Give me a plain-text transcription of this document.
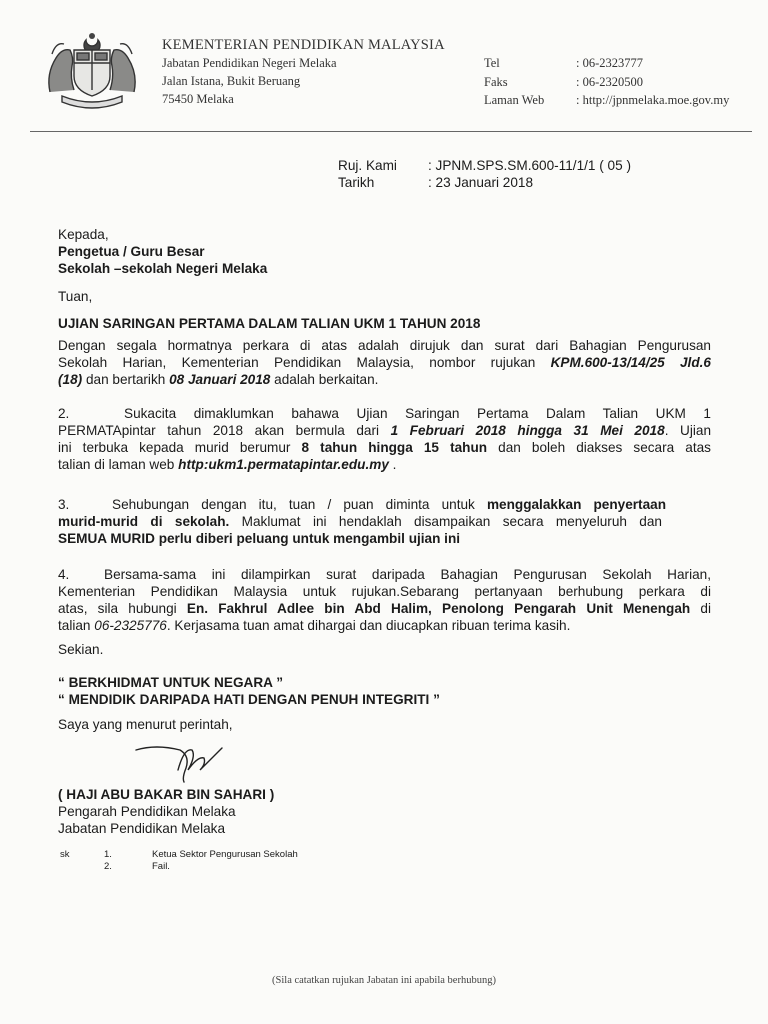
KEMENTERIAN PENDIDIKAN MALAYSIA
Jabatan Pendidikan Negeri Melaka
Jalan Istana, Bukit Beruang
75450 Melaka
Tel	: 06-2323777
Faks	: 06-2320500
Laman Web	: http://jpnmelaka.moe.gov.my
Ruj. Kami : JPNM.SPS.SM.600-11/1/1 ( 05 )
Tarikh	: 23 Januari 2018
Kepada,
Pengetua / Guru Besar
Sekolah –sekolah Negeri Melaka
Tuan,
UJIAN SARINGAN PERTAMA DALAM TALIAN UKM 1 TAHUN 2018
Dengan segala hormatnya perkara di atas adalah dirujuk dan surat dari Bahagian Pengurusan
Sekolah Harian, Kementerian Pendidikan Malaysia, nombor rujukan KPM.600-13/14/25 Jld.6
(18) dan bertarikh 08 Januari 2018 adalah berkaitan.
2.	Sukacita dimaklumkan bahawa Ujian Saringan Pertama Dalam Talian UKM 1
PERMATApintar tahun 2018 akan bermula dari 1 Februari 2018 hingga 31 Mei 2018. Ujian
ini terbuka kepada murid berumur 8 tahun hingga 15 tahun dan boleh diakses secara atas
talian di laman web http:ukm1.permatapintar.edu.my .
3.	Sehubungan dengan itu, tuan / puan diminta untuk menggalakkan penyertaan
murid-murid di sekolah. Maklumat ini hendaklah disampaikan secara menyeluruh dan
SEMUA MURID perlu diberi peluang untuk mengambil ujian ini
4.	Bersama-sama ini dilampirkan surat daripada Bahagian Pengurusan Sekolah Harian,
Kementerian Pendidikan Malaysia untuk rujukan.Sebarang pertanyaan berhubung perkara di
atas, sila hubungi En. Fakhrul Adlee bin Abd Halim, Penolong Pengarah Unit Menengah di
talian 06-2325776. Kerjasama tuan amat dihargai dan diucapkan ribuan terima kasih.
Sekian.
“ BERKHIDMAT UNTUK NEGARA ”
“ MENDIDIK DARIPADA HATI DENGAN PENUH INTEGRITI ”
Saya yang menurut perintah,
( HAJI ABU BAKAR BIN SAHARI )
Pengarah Pendidikan Melaka
Jabatan Pendidikan Melaka
sk	1.	Ketua Sektor Pengurusan Sekolah
2.	Fail.
(Sila catatkan rujukan Jabatan ini apabila berhubung)
